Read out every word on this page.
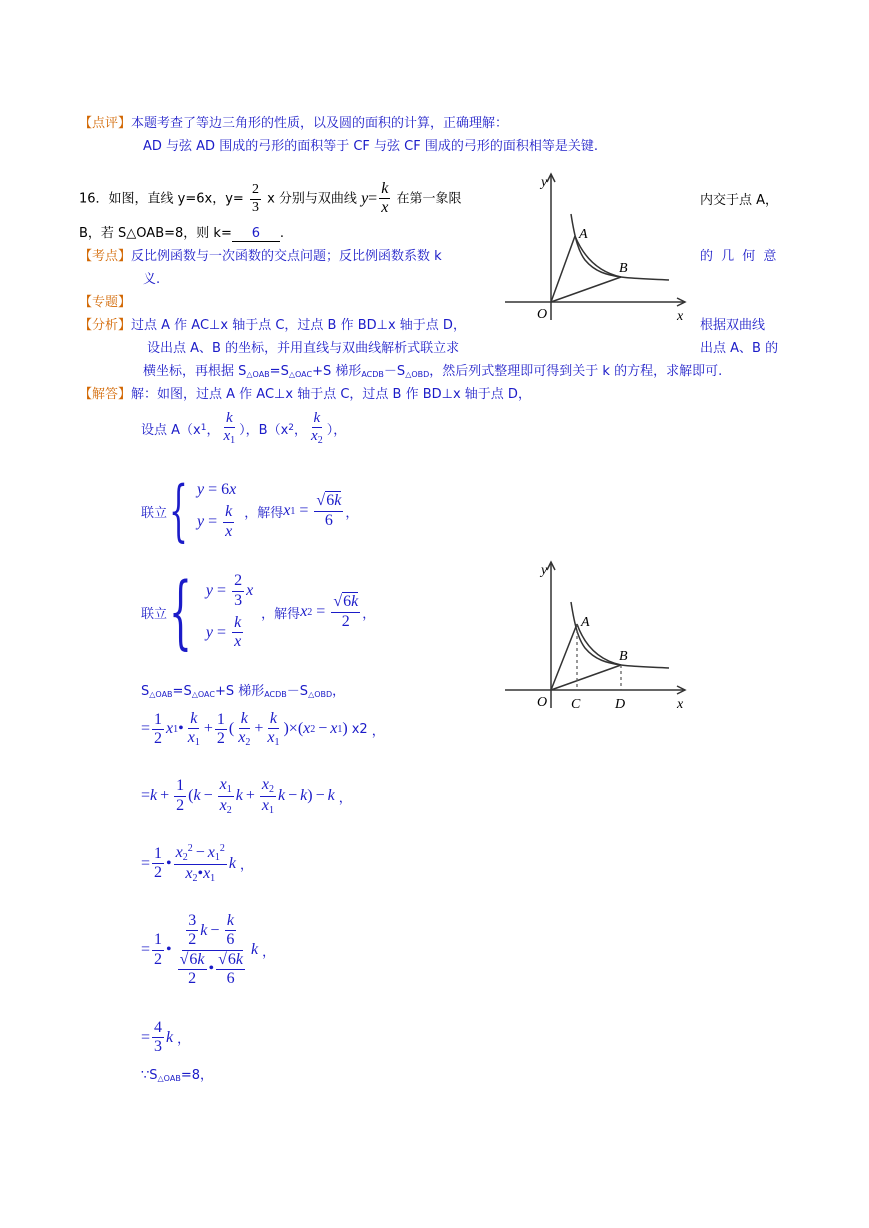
【点评】本题考查了等边三角形的性质，以及圆的面积的计算，正确理解：
AD 与弦 AD 围成的弓形的面积等于 CF 与弦 CF 围成的弓形的面积相等是关键.
16．如图，直线 y=6x，$y= \frac{2}{3}$ x 分别与双曲线 $y= \frac{k}{x}$ 在第一象限	内交于点 A，
B，若 S△OAB=8，则 k= 6 .
【考点】反比例函数与一次函数的交点问题；反比例函数系数 k	的 几 何 意
义.
【专题】
【分析】过点 A 作 AC⊥x 轴于点 C，过点 B 作 BD⊥x 轴于点 D，	根据双曲线
设出点 A、B 的坐标，并用直线与双曲线解析式联立求	出点 A、B 的
横坐标，再根据 S△OAB=S△OAC+S 梯形ACDB－S△OBD，然后列式整理即可得到关于 k 的方程，求解即可.
【解答】解：如图，过点 A 作 AC⊥x 轴于点 C，过点 B 作 BD⊥x 轴于点 D，
设点 A（x 1 ， $\frac{k}{x_1}$ ），B（x 2 ， $\frac{k}{x_2}$ ），
联立 { y = 6x
$y = \frac{k}{x}$ ，解得 x $1 = \frac{√6k}{6}$ ，
联立 { $y = \frac{2}{3}$ x
$y = \frac{k}{x}$ ，解得 x $2 = \frac{√6k}{2}$ ，
S△OAB=S△OAC+S 梯形ACDB－S△OBD，
= $\frac{1}{2}$ x 1 • $\frac{k}{x_1} + \frac{1}{2}$ ( $\frac{k}{x_2} + \frac{k}{x_1}$ )×( x 2 − x 1 ) x2 ，
= $k + \frac{1}{2}$ ( $k - \frac{x_1}{x_2}$ $k + \frac{x_2}{x_1}$ k − k ) − k ，
= $\frac{1}{2}$ • $\frac{x_2^2 - x_1^2}{x_2•x_1}$ k ，
= $\frac{1}{2}$ • $\frac{\frac{3}{2} k - \frac{k}{6}}{\frac{√6k}{2} • \frac{√6k}{6}}$ k ，
= $\frac{4}{3}$ k ，
∵S△OAB=8，
y
x
O
A
B
y
x
O
A
B
C D
